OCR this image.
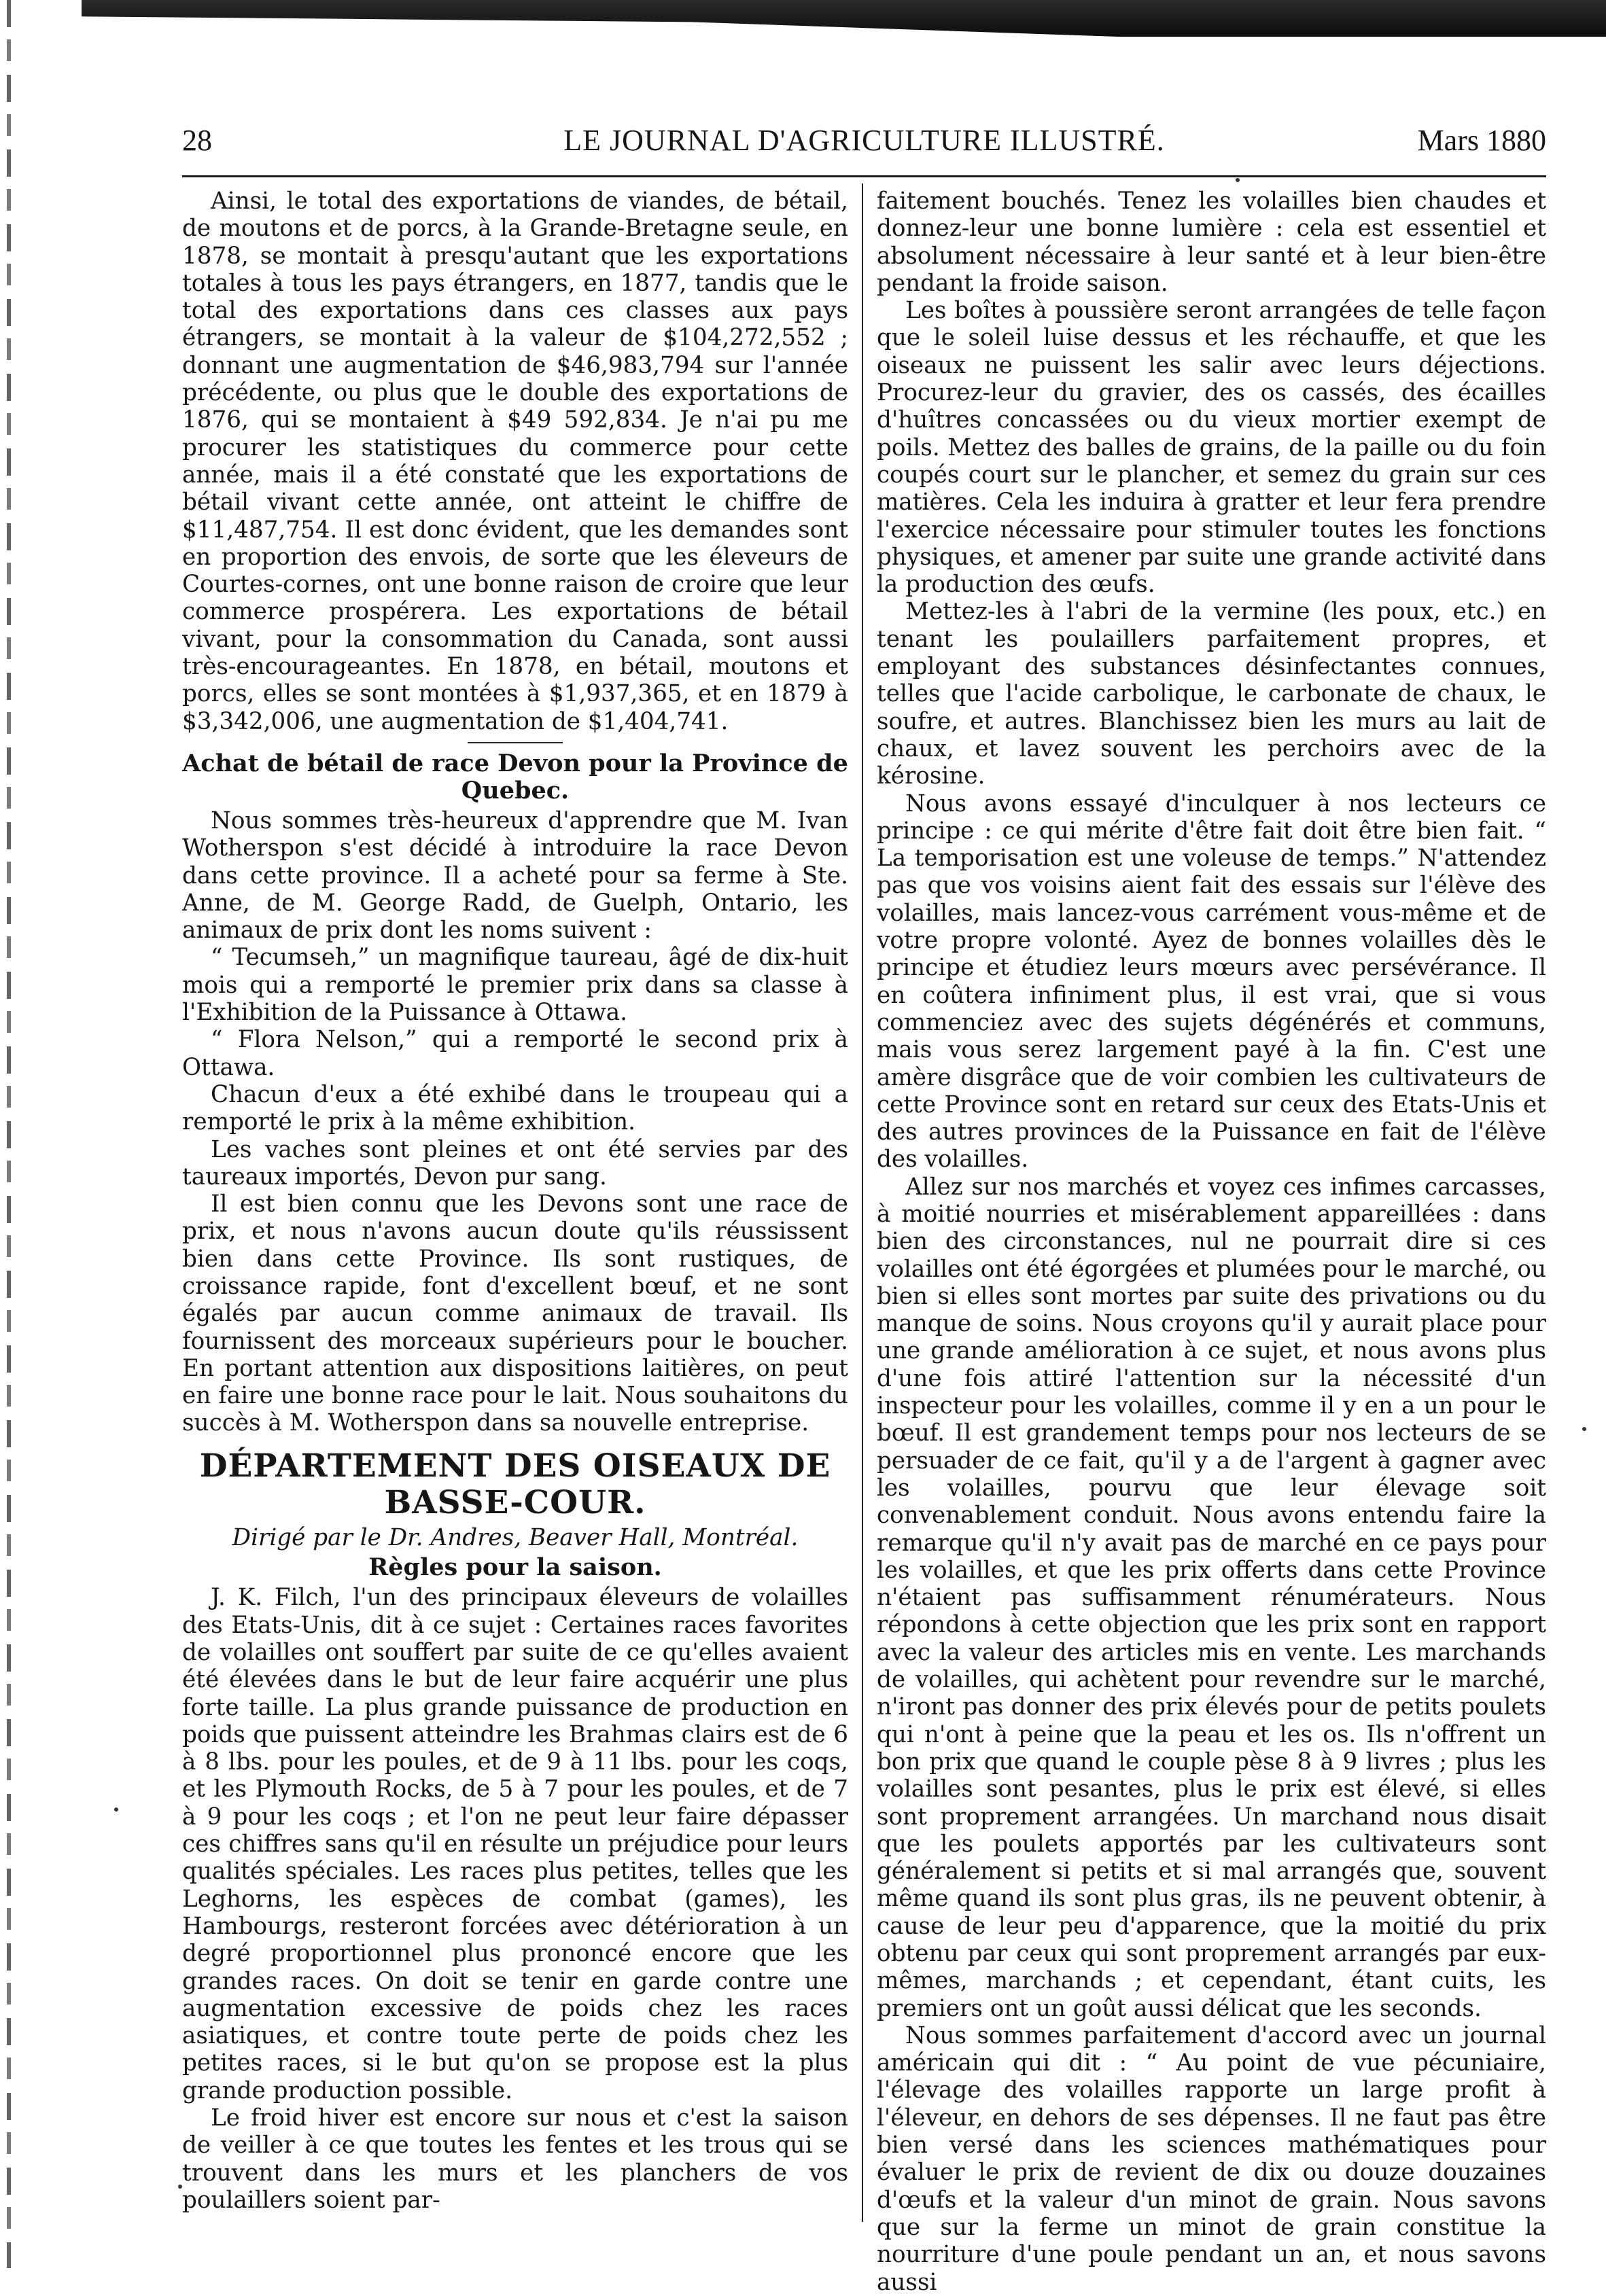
28	LE JOURNAL D'AGRICULTURE ILLUSTRÉ.	Mars 1880

Ainsi, le total des exportations de viandes, de bétail, de moutons et de porcs, à la Grande-Bretagne seule, en 1878, se montait à presqu'autant que les exportations totales à tous les pays étrangers, en 1877, tandis que le total des exportations dans ces classes aux pays étrangers, se montait à la valeur de $104,272,552 ; donnant une augmentation de $46,983,794 sur l'année précédente, ou plus que le double des exportations de 1876, qui se montaient à $49 592,834. Je n'ai pu me procurer les statistiques du commerce pour cette année, mais il a été constaté que les exportations de bétail vivant cette année, ont atteint le chiffre de $11,487,754. Il est donc évident, que les demandes sont en proportion des envois, de sorte que les éleveurs de Courtes-cornes, ont une bonne raison de croire que leur commerce prospérera. Les exportations de bétail vivant, pour la consommation du Canada, sont aussi très-encourageantes. En 1878, en bétail, moutons et porcs, elles se sont montées à $1,937,365, et en 1879 à $3,342,006, une augmentation de $1,404,741.

Achat de bétail de race Devon pour la Province de Quebec.

Nous sommes très-heureux d'apprendre que M. Ivan Wotherspon s'est décidé à introduire la race Devon dans cette province. Il a acheté pour sa ferme à Ste. Anne, de M. George Radd, de Guelph, Ontario, les animaux de prix dont les noms suivent :

“ Tecumseh,” un magnifique taureau, âgé de dix-huit mois qui a remporté le premier prix dans sa classe à l'Exhibition de la Puissance à Ottawa.

“ Flora Nelson,” qui a remporté le second prix à Ottawa.

Chacun d'eux a été exhibé dans le troupeau qui a remporté le prix à la même exhibition.

Les vaches sont pleines et ont été servies par des taureaux importés, Devon pur sang.

Il est bien connu que les Devons sont une race de prix, et nous n'avons aucun doute qu'ils réussissent bien dans cette Province. Ils sont rustiques, de croissance rapide, font d'excellent bœuf, et ne sont égalés par aucun comme animaux de travail. Ils fournissent des morceaux supérieurs pour le boucher. En portant attention aux dispositions laitières, on peut en faire une bonne race pour le lait. Nous souhaitons du succès à M. Wotherspon dans sa nouvelle entreprise.

DÉPARTEMENT DES OISEAUX DE BASSE-COUR.
Dirigé par le Dr. Andres, Beaver Hall, Montréal.
Règles pour la saison.

J. K. Filch, l'un des principaux éleveurs de volailles des Etats-Unis, dit à ce sujet : Certaines races favorites de volailles ont souffert par suite de ce qu'elles avaient été élevées dans le but de leur faire acquérir une plus forte taille. La plus grande puissance de production en poids que puissent atteindre les Brahmas clairs est de 6 à 8 lbs. pour les poules, et de 9 à 11 lbs. pour les coqs, et les Plymouth Rocks, de 5 à 7 pour les poules, et de 7 à 9 pour les coqs ; et l'on ne peut leur faire dépasser ces chiffres sans qu'il en résulte un préjudice pour leurs qualités spéciales. Les races plus petites, telles que les Leghorns, les espèces de combat (games), les Hambourgs, resteront forcées avec détérioration à un degré proportionnel plus prononcé encore que les grandes races. On doit se tenir en garde contre une augmentation excessive de poids chez les races asiatiques, et contre toute perte de poids chez les petites races, si le but qu'on se propose est la plus grande production possible.

Le froid hiver est encore sur nous et c'est la saison de veiller à ce que toutes les fentes et les trous qui se trouvent dans les murs et les planchers de vos poulaillers soient par-

faitement bouchés. Tenez les volailles bien chaudes et donnez-leur une bonne lumière : cela est essentiel et absolument nécessaire à leur santé et à leur bien-être pendant la froide saison.

Les boîtes à poussière seront arrangées de telle façon que le soleil luise dessus et les réchauffe, et que les oiseaux ne puissent les salir avec leurs déjections. Procurez-leur du gravier, des os cassés, des écailles d'huîtres concassées ou du vieux mortier exempt de poils. Mettez des balles de grains, de la paille ou du foin coupés court sur le plancher, et semez du grain sur ces matières. Cela les induira à gratter et leur fera prendre l'exercice nécessaire pour stimuler toutes les fonctions physiques, et amener par suite une grande activité dans la production des œufs.

Mettez-les à l'abri de la vermine (les poux, etc.) en tenant les poulaillers parfaitement propres, et employant des substances désinfectantes connues, telles que l'acide carbolique, le carbonate de chaux, le soufre, et autres. Blanchissez bien les murs au lait de chaux, et lavez souvent les perchoirs avec de la kérosine.

Nous avons essayé d'inculquer à nos lecteurs ce principe : ce qui mérite d'être fait doit être bien fait. “ La temporisation est une voleuse de temps.” N'attendez pas que vos voisins aient fait des essais sur l'élève des volailles, mais lancez-vous carrément vous-même et de votre propre volonté. Ayez de bonnes volailles dès le principe et étudiez leurs mœurs avec persévérance. Il en coûtera infiniment plus, il est vrai, que si vous commenciez avec des sujets dégénérés et communs, mais vous serez largement payé à la fin. C'est une amère disgrâce que de voir combien les cultivateurs de cette Province sont en retard sur ceux des Etats-Unis et des autres provinces de la Puissance en fait de l'élève des volailles.

Allez sur nos marchés et voyez ces infimes carcasses, à moitié nourries et misérablement appareillées : dans bien des circonstances, nul ne pourrait dire si ces volailles ont été égorgées et plumées pour le marché, ou bien si elles sont mortes par suite des privations ou du manque de soins. Nous croyons qu'il y aurait place pour une grande amélioration à ce sujet, et nous avons plus d'une fois attiré l'attention sur la nécessité d'un inspecteur pour les volailles, comme il y en a un pour le bœuf. Il est grandement temps pour nos lecteurs de se persuader de ce fait, qu'il y a de l'argent à gagner avec les volailles, pourvu que leur élevage soit convenablement conduit. Nous avons entendu faire la remarque qu'il n'y avait pas de marché en ce pays pour les volailles, et que les prix offerts dans cette Province n'étaient pas suffisamment rénumérateurs. Nous répondons à cette objection que les prix sont en rapport avec la valeur des articles mis en vente. Les marchands de volailles, qui achètent pour revendre sur le marché, n'iront pas donner des prix élevés pour de petits poulets qui n'ont à peine que la peau et les os. Ils n'offrent un bon prix que quand le couple pèse 8 à 9 livres ; plus les volailles sont pesantes, plus le prix est élevé, si elles sont proprement arrangées. Un marchand nous disait que les poulets apportés par les cultivateurs sont généralement si petits et si mal arrangés que, souvent même quand ils sont plus gras, ils ne peuvent obtenir, à cause de leur peu d'apparence, que la moitié du prix obtenu par ceux qui sont proprement arrangés par eux-mêmes, marchands ; et cependant, étant cuits, les premiers ont un goût aussi délicat que les seconds.

Nous sommes parfaitement d'accord avec un journal américain qui dit : “ Au point de vue pécuniaire, l'élevage des volailles rapporte un large profit à l'éleveur, en dehors de ses dépenses. Il ne faut pas être bien versé dans les sciences mathématiques pour évaluer le prix de revient de dix ou douze douzaines d'œufs et la valeur d'un minot de grain. Nous savons que sur la ferme un minot de grain constitue la nourriture d'une poule pendant un an, et nous savons aussi
